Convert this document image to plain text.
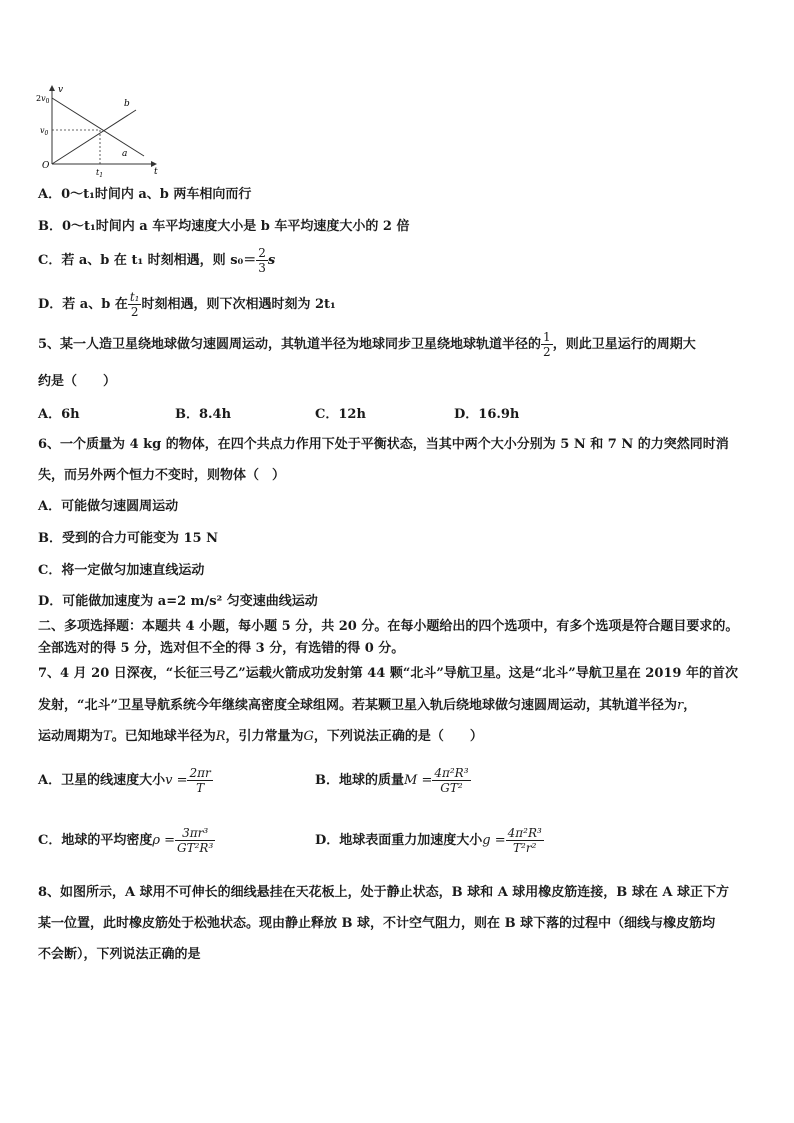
v
t
O
$2v_0$
$v_0$
$t_1$
b
a
A．0～t₁时间内 a、b 两车相向而行
B．0～t₁时间内 a 车平均速度大小是 b 车平均速度大小的 2 倍
C．若 a、b 在 t₁ 时刻相遇，则 $s_0= \frac{2}{3}$ s
D．若 a、b 在 $\frac{\text{t₁}}{2}$ 时刻相遇，则下次相遇时刻为 2t₁
5、某一人造卫星绕地球做匀速圆周运动，其轨道半径为地球同步卫星绕地球轨道半径的 $\frac{1}{2}$ ，则此卫星运行的周期大
约是（　　）
A．6h	B．8.4h	C．12h	D．16.9h
6、一个质量为 4 kg 的物体，在四个共点力作用下处于平衡状态，当其中两个大小分别为 5 N 和 7 N 的力突然同时消
失，而另外两个恒力不变时，则物体（　）
A．可能做匀速圆周运动
B．受到的合力可能变为 15 N
C．将一定做匀加速直线运动
D．可能做加速度为 a=2 m/s² 匀变速曲线运动
二、多项选择题：本题共 4 小题，每小题 5 分，共 20 分。在每小题给出的四个选项中，有多个选项是符合题目要求的。
全部选对的得 5 分，选对但不全的得 3 分，有选错的得 0 分。
7、4 月 20 日深夜，“长征三号乙”运载火箭成功发射第 44 颗“北斗”导航卫星。这是“北斗”导航卫星在 2019 年的首次
发射，“北斗”卫星导航系统今年继续高密度全球组网。若某颗卫星入轨后绕地球做匀速圆周运动，其轨道半径为r，
运动周期为T。已知地球半径为R，引力常量为G，下列说法正确的是（　　）
A．卫星的线速度大小$v = \frac{2\pi r}{T}$	B．地球的质量$M = \frac{\text{4π²R³}}{\text{GT²}}$
C．地球的平均密度$\rho = \frac{\text{3πr³}}{\text{GT²R³}}$	D．地球表面重力加速度大小$g = \frac{\text{4π²R³}}{\text{T²r²}}$
8、如图所示，A 球用不可伸长的细线悬挂在天花板上，处于静止状态，B 球和 A 球用橡皮筋连接，B 球在 A 球正下方
某一位置，此时橡皮筋处于松弛状态。现由静止释放 B 球，不计空气阻力，则在 B 球下落的过程中（细线与橡皮筋均
不会断），下列说法正确的是
